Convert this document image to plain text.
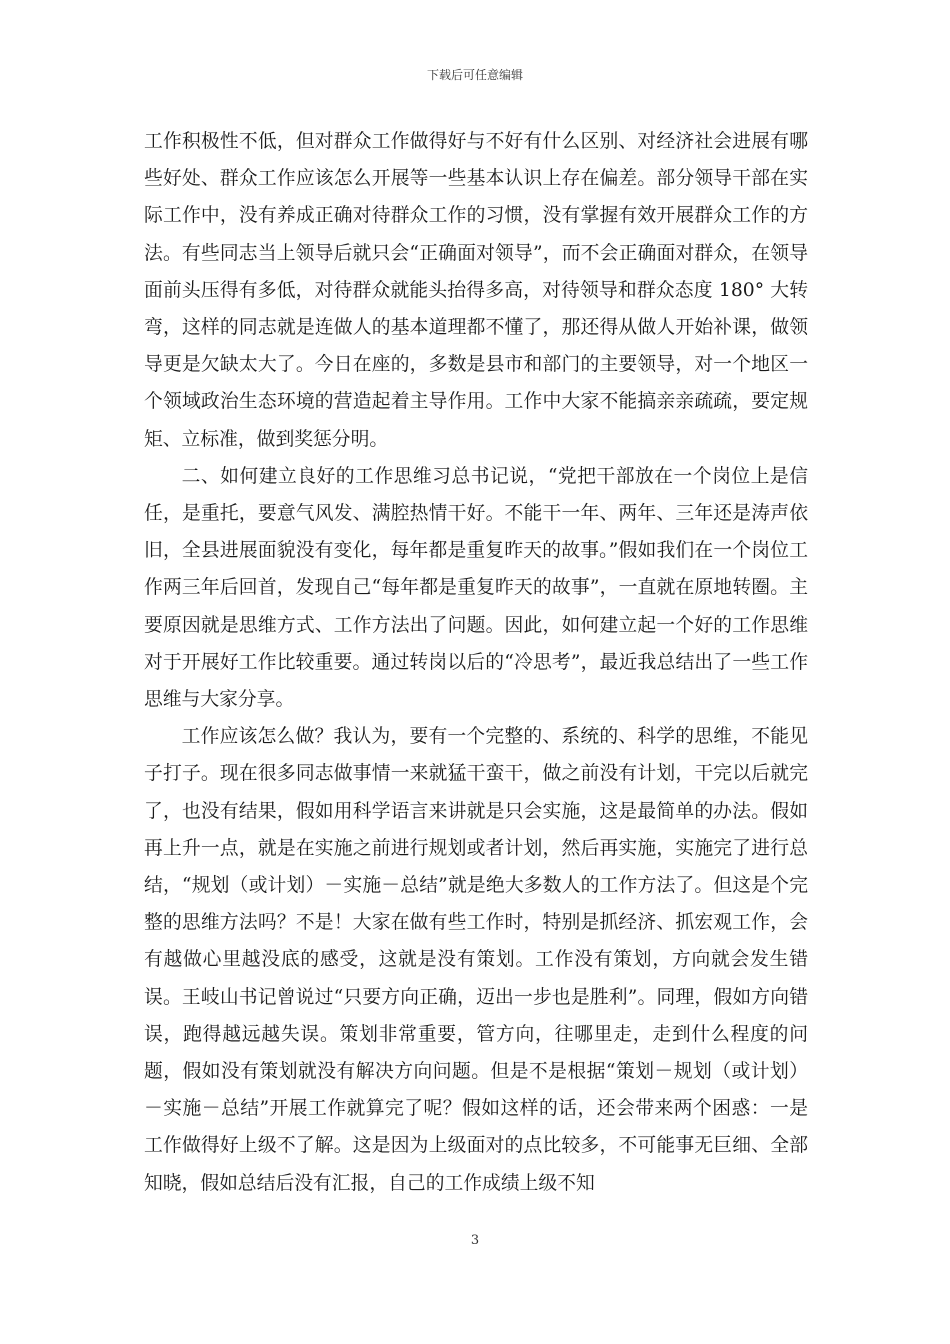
下载后可任意编辑

工作积极性不低，但对群众工作做得好与不好有什么区别、对经济社会进展有哪些好处、群众工作应该怎么开展等一些基本认识上存在偏差。部分领导干部在实际工作中，没有养成正确对待群众工作的习惯，没有掌握有效开展群众工作的方法。有些同志当上领导后就只会“正确面对领导”，而不会正确面对群众，在领导面前头压得有多低，对待群众就能头抬得多高，对待领导和群众态度 180° 大转弯，这样的同志就是连做人的基本道理都不懂了，那还得从做人开始补课，做领导更是欠缺太大了。今日在座的，多数是县市和部门的主要领导，对一个地区一个领域政治生态环境的营造起着主导作用。工作中大家不能搞亲亲疏疏，要定规矩、立标准，做到奖惩分明。

二、如何建立良好的工作思维习总书记说，“党把干部放在一个岗位上是信任，是重托，要意气风发、满腔热情干好。不能干一年、两年、三年还是涛声依旧，全县进展面貌没有变化，每年都是重复昨天的故事。”假如我们在一个岗位工作两三年后回首，发现自己“每年都是重复昨天的故事”，一直就在原地转圈。主要原因就是思维方式、工作方法出了问题。因此，如何建立起一个好的工作思维对于开展好工作比较重要。通过转岗以后的“冷思考”，最近我总结出了一些工作思维与大家分享。

工作应该怎么做？我认为，要有一个完整的、系统的、科学的思维，不能见子打子。现在很多同志做事情一来就猛干蛮干，做之前没有计划，干完以后就完了，也没有结果，假如用科学语言来讲就是只会实施，这是最简单的办法。假如再上升一点，就是在实施之前进行规划或者计划，然后再实施，实施完了进行总结，“规划（或计划）－实施－总结”就是绝大多数人的工作方法了。但这是个完整的思维方法吗？不是！大家在做有些工作时，特别是抓经济、抓宏观工作，会有越做心里越没底的感受，这就是没有策划。工作没有策划，方向就会发生错误。王岐山书记曾说过“只要方向正确，迈出一步也是胜利”。同理，假如方向错误，跑得越远越失误。策划非常重要，管方向，往哪里走，走到什么程度的问题，假如没有策划就没有解决方向问题。但是不是根据“策划－规划（或计划）－实施－总结”开展工作就算完了呢？假如这样的话，还会带来两个困惑：一是工作做得好上级不了解。这是因为上级面对的点比较多，不可能事无巨细、全部知晓，假如总结后没有汇报，自己的工作成绩上级不知

3
